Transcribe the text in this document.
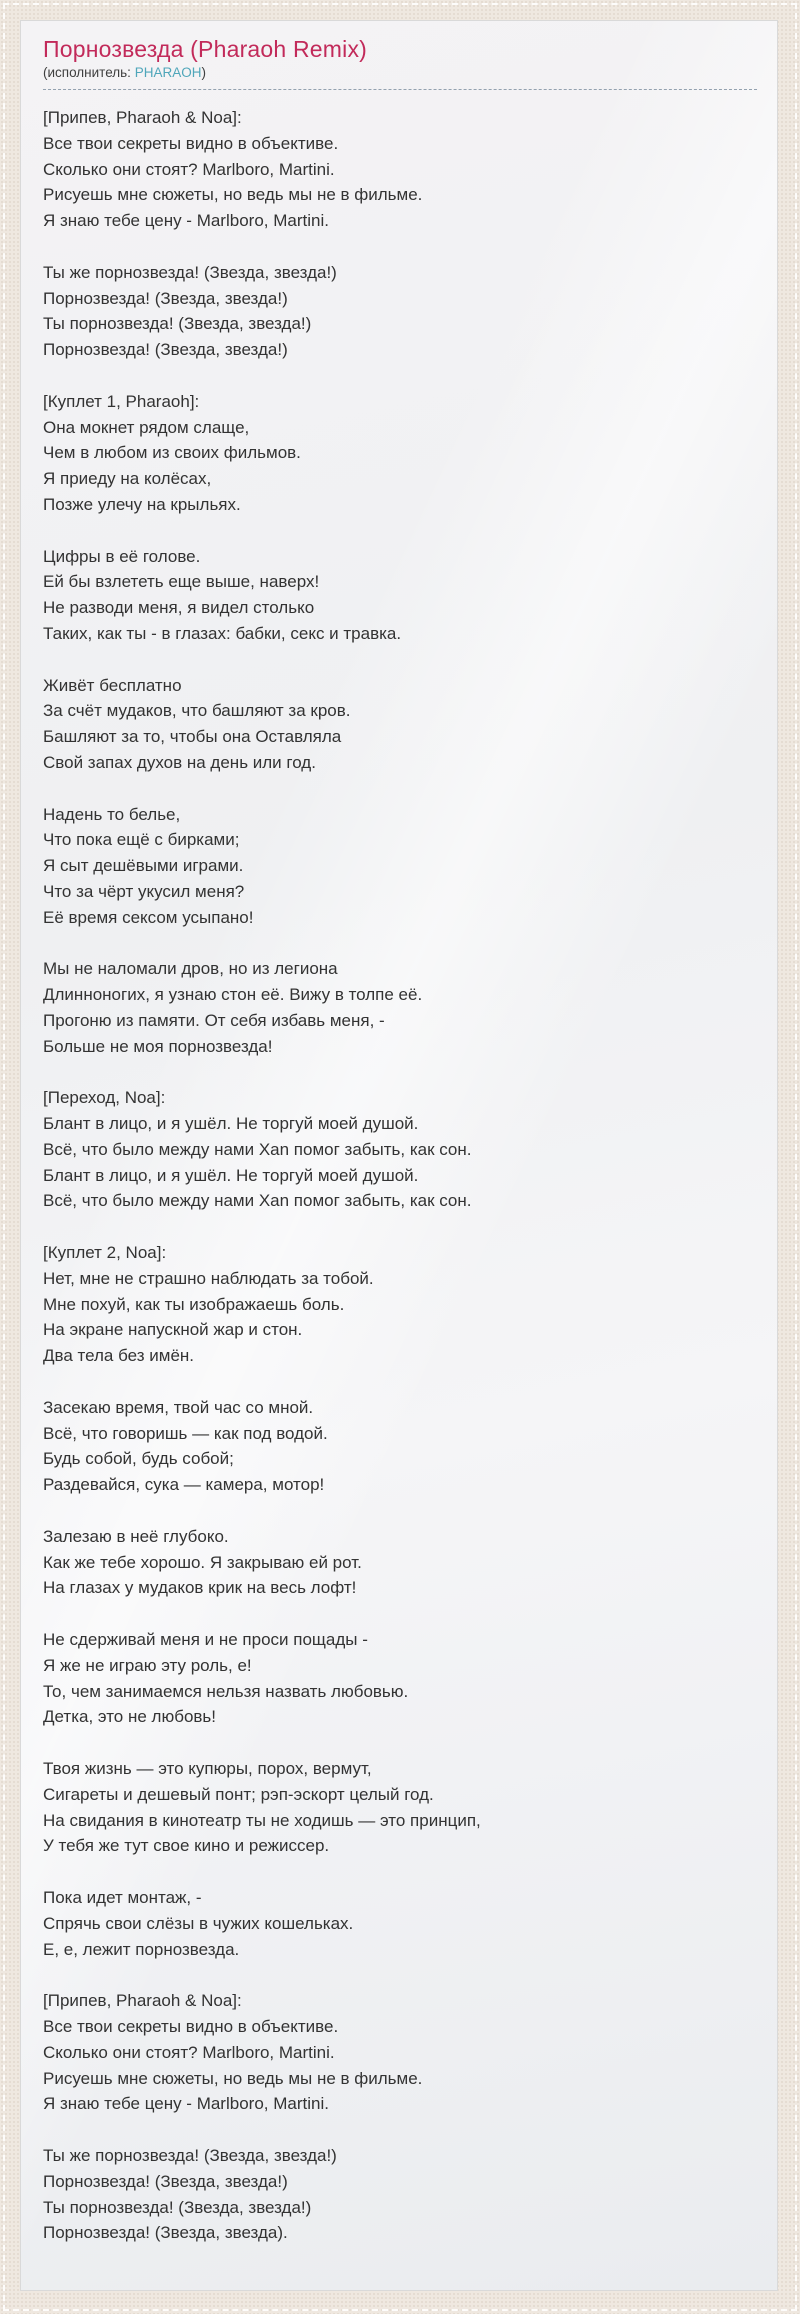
Порнозвезда (Pharaoh Remix)
(исполнитель: PHARAOH)
[Припев, Pharaoh & Noa]:
Все твои секреты видно в объективе.
Сколько они стоят? Marlboro, Martini.
Рисуешь мне сюжеты, но ведь мы не в фильме.
Я знаю тебе цену - Marlboro, Martini.
Ты же порнозвезда! (Звезда, звезда!)
Порнозвезда! (Звезда, звезда!)
Ты порнозвезда! (Звезда, звезда!)
Порнозвезда! (Звезда, звезда!)
[Куплет 1, Pharaoh]:
Она мокнет рядом слаще,
Чем в любом из своих фильмов.
Я приеду на колёсах,
Позже улечу на крыльях.
Цифры в её голове.
Ей бы взлететь еще выше, наверх!
Не разводи меня, я видел столько
Таких, как ты - в глазах: бабки, секс и травка.
Живёт бесплатно
За счёт мудаков, что башляют за кров.
Башляют за то, чтобы она Оставляла
Свой запах духов на день или год.
Надень то белье,
Что пока ещё с бирками;
Я сыт дешёвыми играми.
Что за чёрт укусил меня?
Её время сексом усыпано!
Мы не наломали дров, но из легиона
Длинноногих, я узнаю стон её. Вижу в толпе её.
Прогоню из памяти. От себя избавь меня, -
Больше не моя порнозвезда!
[Переход, Noa]:
Блант в лицо, и я ушёл. Не торгуй моей душой.
Всё, что было между нами Xan помог забыть, как сон.
Блант в лицо, и я ушёл. Не торгуй моей душой.
Всё, что было между нами Xan помог забыть, как сон.
[Куплет 2, Noa]:
Нет, мне не страшно наблюдать за тобой.
Мне похуй, как ты изображаешь боль.
На экране напускной жар и стон.
Два тела без имён.
Засекаю время, твой час со мной.
Всё, что говоришь — как под водой.
Будь собой, будь собой;
Раздевайся, сука — камера, мотор!
Залезаю в неё глубоко.
Как же тебе хорошо. Я закрываю ей рот.
На глазах у мудаков крик на весь лофт!
Не сдерживай меня и не проси пощады -
Я же не играю эту роль, е!
То, чем занимаемся нельзя назвать любовью.
Детка, это не любовь!
Твоя жизнь — это купюры, порох, вермут,
Сигареты и дешевый понт; рэп-эскорт целый год.
На свидания в кинотеатр ты не ходишь — это принцип,
У тебя же тут свое кино и режиссер.
Пока идет монтаж, -
Спрячь свои слёзы в чужих кошельках.
Е, е, лежит порнозвезда.
[Припев, Pharaoh & Noa]:
Все твои секреты видно в объективе.
Сколько они стоят? Marlboro, Martini.
Рисуешь мне сюжеты, но ведь мы не в фильме.
Я знаю тебе цену - Marlboro, Martini.
Ты же порнозвезда! (Звезда, звезда!)
Порнозвезда! (Звезда, звезда!)
Ты порнозвезда! (Звезда, звезда!)
Порнозвезда! (Звезда, звезда).
